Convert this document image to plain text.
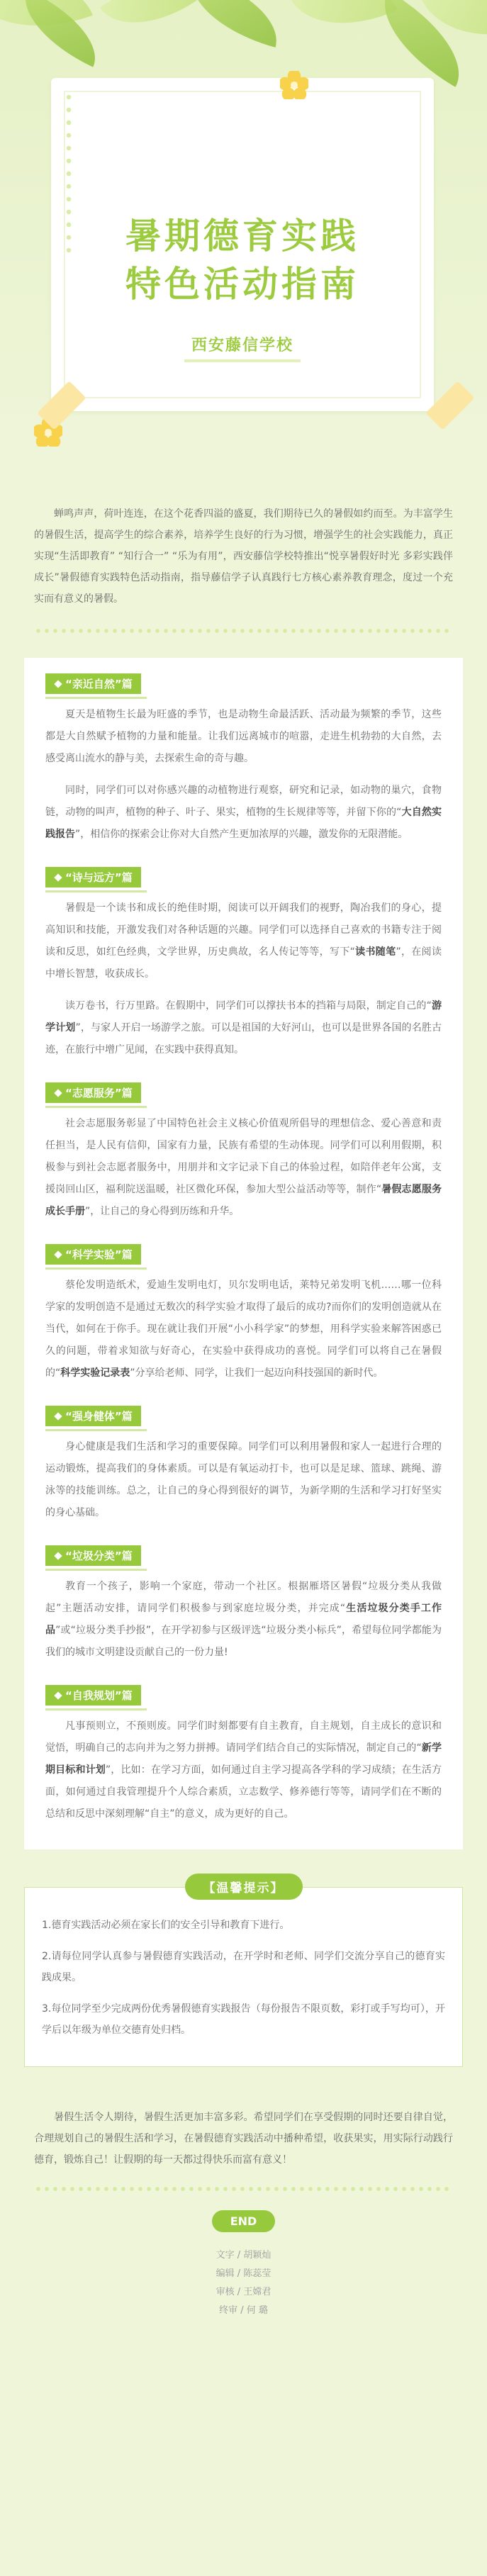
暑期德育实践
特色活动指南
西安藤信学校
蝉鸣声声，荷叶连连，在这个花香四溢的盛夏，我们期待已久的暑假如约而至。为丰富学生的暑假生活，提高学生的综合素养，培养学生良好的行为习惯，增强学生的社会实践能力，真正实现“生活即教育” “知行合一” “乐为有用”，西安藤信学校特推出“悦享暑假好时光 多彩实践伴成长”暑假德育实践特色活动指南，指导藤信学子认真践行七方核心素养教育理念，度过一个充实而有意义的暑假。
“亲近自然”篇

夏天是植物生长最为旺盛的季节，也是动物生命最活跃、活动最为频繁的季节，这些都是大自然赋予植物的力量和能量。让我们远离城市的喧嚣，走进生机勃勃的大自然，去感受离山流水的静与美，去探索生命的奇与趣。

同时，同学们可以对你感兴趣的动植物进行观察，研究和记录，如动物的巢穴，食物链，动物的叫声，植物的种子、叶子、果实，植物的生长规律等等，并留下你的“大自然实践报告”，相信你的探索会让你对大自然产生更加浓厚的兴趣，激发你的无限潜能。

“诗与远方”篇

暑假是一个读书和成长的绝佳时期，阅读可以开阔我们的视野，陶冶我们的身心，提高知识和技能，开激发我们对各种话题的兴趣。同学们可以选择自己喜欢的书籍专注于阅读和反思，如红色经典，文学世界，历史典故，名人传记等等，写下“读书随笔”，在阅读中增长智慧，收获成长。

读万卷书，行万里路。在假期中，同学们可以撑扶书本的挡箱与局限，制定自己的“游学计划”，与家人开启一场游学之旅。可以是祖国的大好河山，也可以是世界各国的名胜古迹，在旅行中增广见闻，在实践中获得真知。

“志愿服务”篇

社会志愿服务彰显了中国特色社会主义核心价值观所倡导的理想信念、爱心善意和责任担当，是人民有信仰，国家有力量，民族有希望的生动体现。同学们可以利用假期，积极参与到社会志愿者服务中，用朋并和文字记录下自己的体验过程，如陪伴老年公寓，支援岗回山区，福利院送温暖，社区微化环保，参加大型公益活动等等，制作“暑假志愿服务成长手册”，让自己的身心得到历练和升华。

“科学实验”篇

蔡伦发明造纸术，爱迪生发明电灯，贝尔发明电话，莱特兄弟发明飞机……哪一位科学家的发明创造不是通过无数次的科学实验才取得了最后的成功?而你们的发明创造就从在当代，如何在于你手。现在就让我们开展“小小科学家”的梦想，用科学实验来解答困惑已久的问题，带着求知欲与好奇心，在实验中获得成功的喜悦。同学们可以将自己在暑假的“科学实验记录表”分享给老师、同学，让我们一起迈向科技强国的新时代。

“强身健体”篇

身心健康是我们生活和学习的重要保障。同学们可以利用暑假和家人一起进行合理的运动锻炼，提高我们的身体素质。可以是有氧运动打卡，也可以是足球、篮球、跳绳、游泳等的技能训练。总之，让自己的身心得到很好的调节，为新学期的生活和学习打好坚实的身心基础。

“垃圾分类”篇

教育一个孩子，影响一个家庭，带动一个社区。根据雁塔区暑假“垃圾分类从我做起”主题活动安排，请同学们积极参与到家庭垃圾分类，并完成“生活垃圾分类手工作品”或“垃圾分类手抄报”，在开学初参与区级评选“垃圾分类小标兵”，希望每位同学都能为我们的城市文明建设贡献自己的一份力量!

“自我规划”篇

凡事预则立，不预则废。同学们时刻都要有自主教育，自主规划，自主成长的意识和觉悟，明确自己的志向并为之努力拼搏。请同学们结合自己的实际情况，制定自己的“新学期目标和计划”，比如：在学习方面，如何通过自主学习提高各学科的学习成绩；在生活方面，如何通过自我管理提升个人综合素质，立志数学、修养德行等等，请同学们在不断的总结和反思中深刻理解“自主”的意义，成为更好的自己。

【温馨提示】

1.德育实践活动必须在家长们的安全引导和教育下进行。

2.请每位同学认真参与暑假德育实践活动，在开学时和老师、同学们交流分享自己的德育实践成果。

3.每位同学至少完成两份优秀暑假德育实践报告（每份报告不限页数，彩打或手写均可），开学后以年级为单位交德育处归档。

暑假生活令人期待，暑假生活更加丰富多彩。希望同学们在享受假期的同时还要自律自觉，合理规划自己的暑假生活和学习，在暑假德育实践活动中播种希望，收获果实，用实际行动践行德育，锻炼自己！让假期的每一天都过得快乐而富有意义！
END
文字 / 胡颖灿
编辑 / 陈蕊莹
审核 / 王嫦君
终审 / 何 璐
